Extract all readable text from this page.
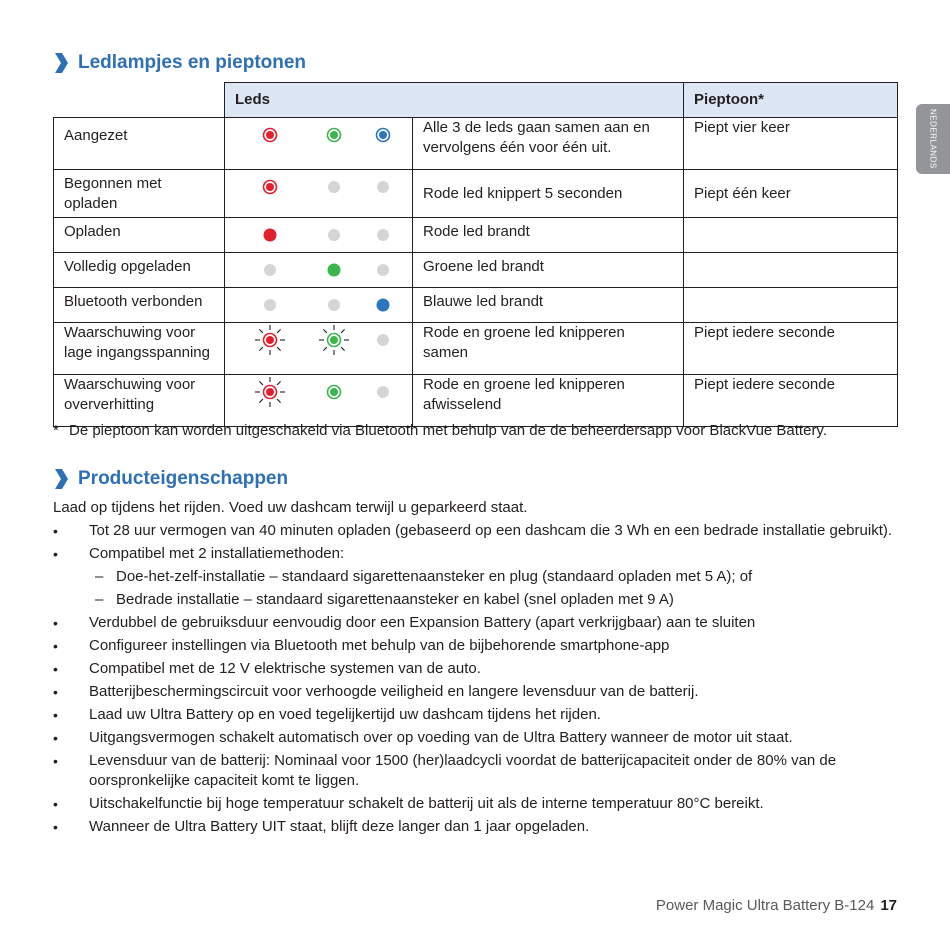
Ledlampjes en pieptonen
	Leds		Pieptoon*
Aangezet		Alle 3 de leds gaan samen aan en vervolgens één voor één uit.	Piept vier keer
Begonnen met opladen		Rode led knippert 5 seconden	Piept één keer
Opladen		Rode led brandt	
Volledig opgeladen		Groene led brandt	
Bluetooth verbonden		Blauwe led brandt	
Waarschuwing voor lage ingangsspanning		Rode en groene led knipperen samen	Piept iedere seconde
Waarschuwing voor oververhitting		Rode en groene led knipperen afwisselend	Piept iedere seconde
* De pieptoon kan worden uitgeschakeld via Bluetooth met behulp van de de beheerdersapp voor BlackVue Battery.
Producteigenschappen
Laad op tijdens het rijden. Voed uw dashcam terwijl u geparkeerd staat.
• Tot 28 uur vermogen van 40 minuten opladen (gebaseerd op een dashcam die 3 Wh en een bedrade installatie gebruikt).
• Compatibel met 2 installatiemethoden:
– Doe-het-zelf-installatie – standaard sigarettenaansteker en plug (standaard opladen met 5 A); of
– Bedrade installatie – standaard sigarettenaansteker en kabel (snel opladen met 9 A)
• Verdubbel de gebruiksduur eenvoudig door een Expansion Battery (apart verkrijgbaar) aan te sluiten
• Configureer instellingen via Bluetooth met behulp van de bijbehorende smartphone-app
• Compatibel met de 12 V elektrische systemen van de auto.
• Batterijbeschermingscircuit voor verhoogde veiligheid en langere levensduur van de batterij.
• Laad uw Ultra Battery op en voed tegelijkertijd uw dashcam tijdens het rijden.
• Uitgangsvermogen schakelt automatisch over op voeding van de Ultra Battery wanneer de motor uit staat.
• Levensduur van de batterij: Nominaal voor 1500 (her)laadcycli voordat de batterijcapaciteit onder de 80% van de oorspronkelijke capaciteit komt te liggen.
• Uitschakelfunctie bij hoge temperatuur schakelt de batterij uit als de interne temperatuur 80°C bereikt.
• Wanneer de Ultra Battery UIT staat, blijft deze langer dan 1 jaar opgeladen.
NEDERLANDS
Power Magic Ultra Battery B-124 17
